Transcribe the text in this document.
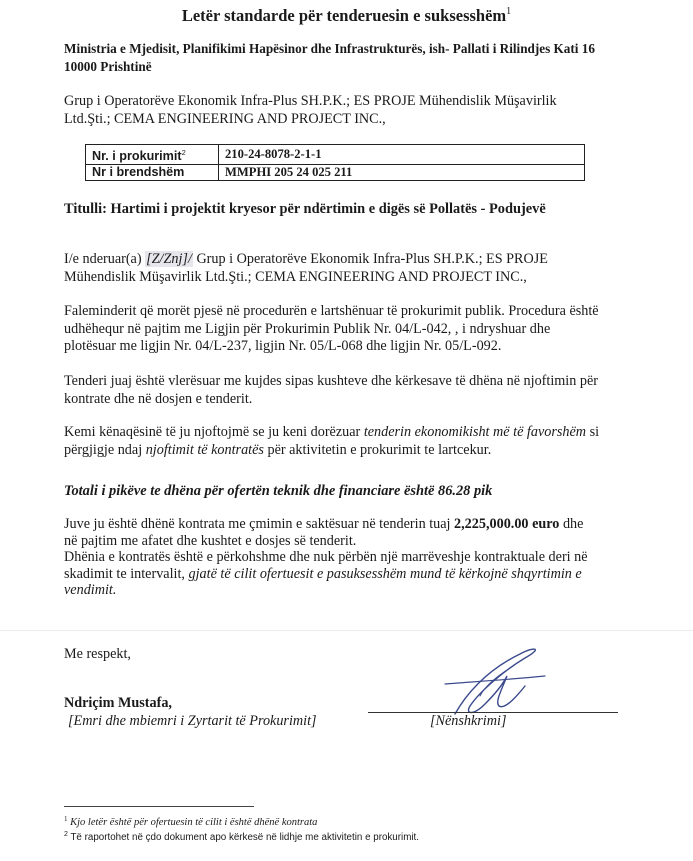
Letër standarde për tenderuesin e suksesshëm$^1$
Ministria e Mjedisit, Planifikimi Hapësinor dhe Infrastrukturës, ish- Pallati i Rilindjes Kati 16
10000 Prishtinë
Grup i Operatorëve Ekonomik Infra-Plus SH.P.K.; ES PROJE Mühendislik Müşavirlik
Ltd.Şti.; CEMA ENGINEERING AND PROJECT INC.,
Nr. i prokurimit$^2$	210-24-8078-2-1-1
Nr i brendshëm	MMPHI 205 24 025 211
Titulli: Hartimi i projektit kryesor për ndërtimin e digës së Pollatës - Podujevë
I/e nderuar(a) [Z/Znj]/ Grup i Operatorëve Ekonomik Infra-Plus SH.P.K.; ES PROJE
Mühendislik Müşavirlik Ltd.Şti.; CEMA ENGINEERING AND PROJECT INC.,
Faleminderit që morët pjesë në procedurën e lartshënuar të prokurimit publik. Procedura është
udhëhequr në pajtim me Ligjin për Prokurimin Publik Nr. 04/L-042, , i ndryshuar dhe
plotësuar me ligjin Nr. 04/L-237, ligjin Nr. 05/L-068 dhe ligjin Nr. 05/L-092.
Tenderi juaj është vlerësuar me kujdes sipas kushteve dhe kërkesave të dhëna në njoftimin për
kontrate dhe në dosjen e tenderit.
Kemi kënaqësinë të ju njoftojmë se ju keni dorëzuar tenderin ekonomikisht më të favorshëm si
përgjigje ndaj njoftimit të kontratës për aktivitetin e prokurimit te lartcekur.
Totali i pikëve te dhëna për ofertën teknik dhe financiare është 86.28 pik
Juve ju është dhënë kontrata me çmimin e saktësuar në tenderin tuaj 2,225,000.00 euro dhe
në pajtim me afatet dhe kushtet e dosjes së tenderit.
Dhënia e kontratës është e përkohshme dhe nuk përbën një marrëveshje kontraktuale deri në
skadimit te intervalit, gjatë të cilit ofertuesit e pasuksesshëm mund të kërkojnë shqyrtimin e
vendimit.
Me respekt,
Ndriçim Mustafa,
[Emri dhe mbiemri i Zyrtarit të Prokurimit]	[Nënshkrimi]
$^1$ Kjo letër është për ofertuesin të cilit i është dhënë kontrata
$^2$ Të raportohet në çdo dokument apo kërkesë në lidhje me aktivitetin e prokurimit.
